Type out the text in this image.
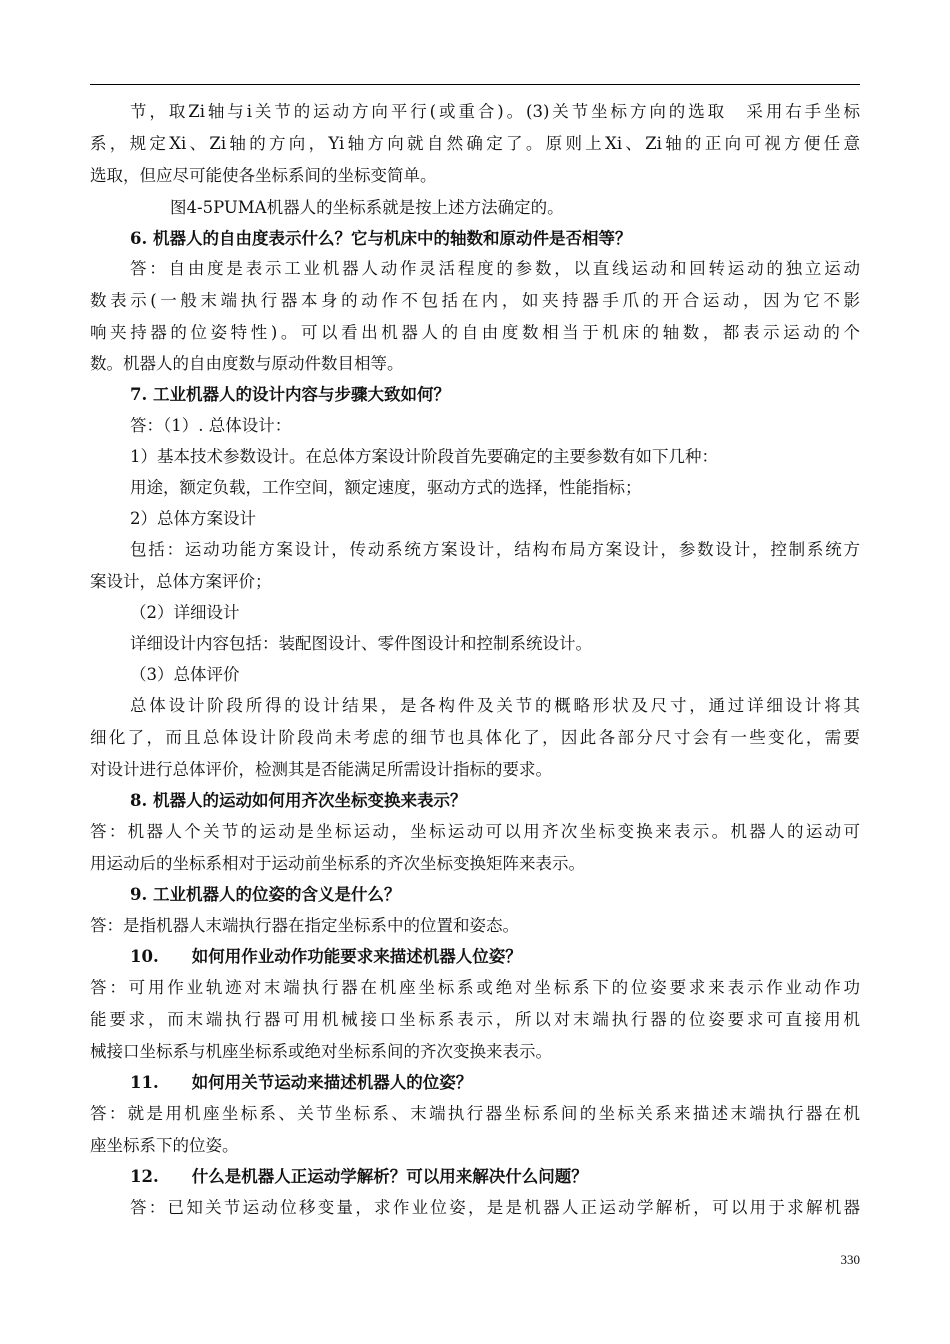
节，取Zi轴与i关节的运动方向平行(或重合)。(3)关节坐标方向的选取　采用右手坐标
系，规定Xi、Zi轴的方向，Yi轴方向就自然确定了。原则上Xi、Zi轴的正向可视方便任意
选取，但应尽可能使各坐标系间的坐标变简单。
图4-5PUMA机器人的坐标系就是按上述方法确定的。
6. 机器人的自由度表示什么？它与机床中的轴数和原动件是否相等？
答：自由度是表示工业机器人动作灵活程度的参数，以直线运动和回转运动的独立运动
数表示(一般末端执行器本身的动作不包括在内，如夹持器手爪的开合运动，因为它不影
响夹持器的位姿特性)。可以看出机器人的自由度数相当于机床的轴数，都表示运动的个
数。机器人的自由度数与原动件数目相等。
7. 工业机器人的设计内容与步骤大致如何？
答：（1）. 总体设计：
1）基本技术参数设计。在总体方案设计阶段首先要确定的主要参数有如下几种：
用途，额定负载，工作空间，额定速度，驱动方式的选择，性能指标；
2）总体方案设计
包括：运动功能方案设计，传动系统方案设计，结构布局方案设计，参数设计，控制系统方
案设计，总体方案评价；
（2）详细设计
详细设计内容包括：装配图设计、零件图设计和控制系统设计。
（3）总体评价
总体设计阶段所得的设计结果，是各构件及关节的概略形状及尺寸，通过详细设计将其
细化了，而且总体设计阶段尚未考虑的细节也具体化了，因此各部分尺寸会有一些变化，需要
对设计进行总体评价，检测其是否能满足所需设计指标的要求。
8. 机器人的运动如何用齐次坐标变换来表示？
答：机器人个关节的运动是坐标运动，坐标运动可以用齐次坐标变换来表示。机器人的运动可
用运动后的坐标系相对于运动前坐标系的齐次坐标变换矩阵来表示。
9. 工业机器人的位姿的含义是什么？
答：是指机器人末端执行器在指定坐标系中的位置和姿态。
10.　　如何用作业动作功能要求来描述机器人位姿？
答：可用作业轨迹对末端执行器在机座坐标系或绝对坐标系下的位姿要求来表示作业动作功
能要求，而末端执行器可用机械接口坐标系表示，所以对末端执行器的位姿要求可直接用机
械接口坐标系与机座坐标系或绝对坐标系间的齐次变换来表示。
11.　　如何用关节运动来描述机器人的位姿？
答：就是用机座坐标系、关节坐标系、末端执行器坐标系间的坐标关系来描述末端执行器在机
座坐标系下的位姿。
12.　　什么是机器人正运动学解析？可以用来解决什么问题？
答：已知关节运动位移变量，求作业位姿，是是机器人正运动学解析，可以用于求解机器
330
